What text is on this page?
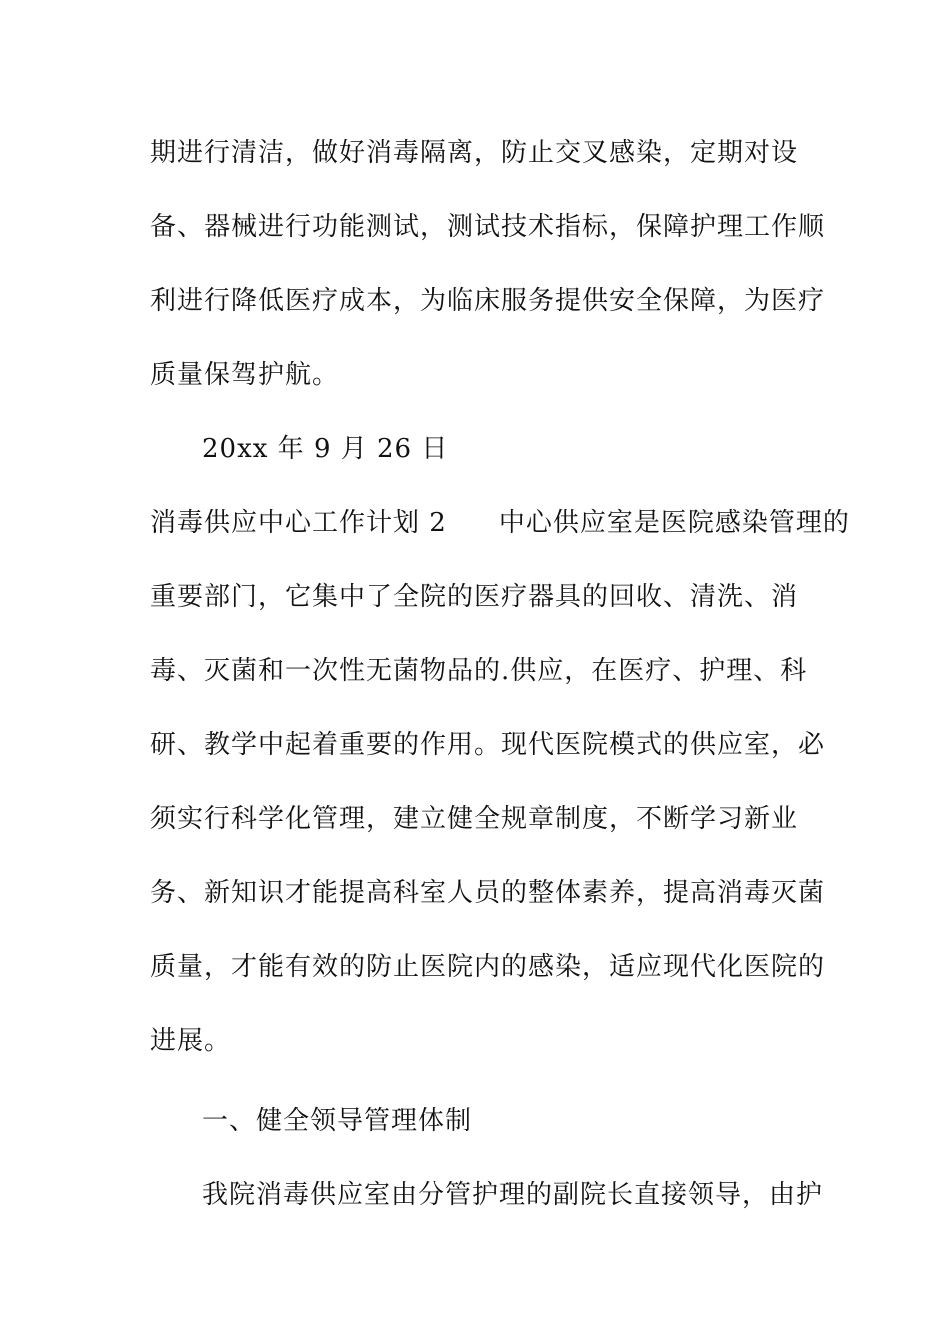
期进行清洁，做好消毒隔离，防止交叉感染，定期对设
备、器械进行功能测试，测试技术指标，保障护理工作顺
利进行降低医疗成本，为临床服务提供安全保障，为医疗
质量保驾护航。
20xx 年 9 月 26 日
消毒供应中心工作计划 2 中心供应室是医院感染管理的
重要部门，它集中了全院的医疗器具的回收、清洗、消
毒、灭菌和一次性无菌物品的.供应，在医疗、护理、科
研、教学中起着重要的作用。现代医院模式的供应室，必
须实行科学化管理，建立健全规章制度，不断学习新业
务、新知识才能提高科室人员的整体素养，提高消毒灭菌
质量，才能有效的防止医院内的感染，适应现代化医院的
进展。
一、健全领导管理体制
我院消毒供应室由分管护理的副院长直接领导，由护
